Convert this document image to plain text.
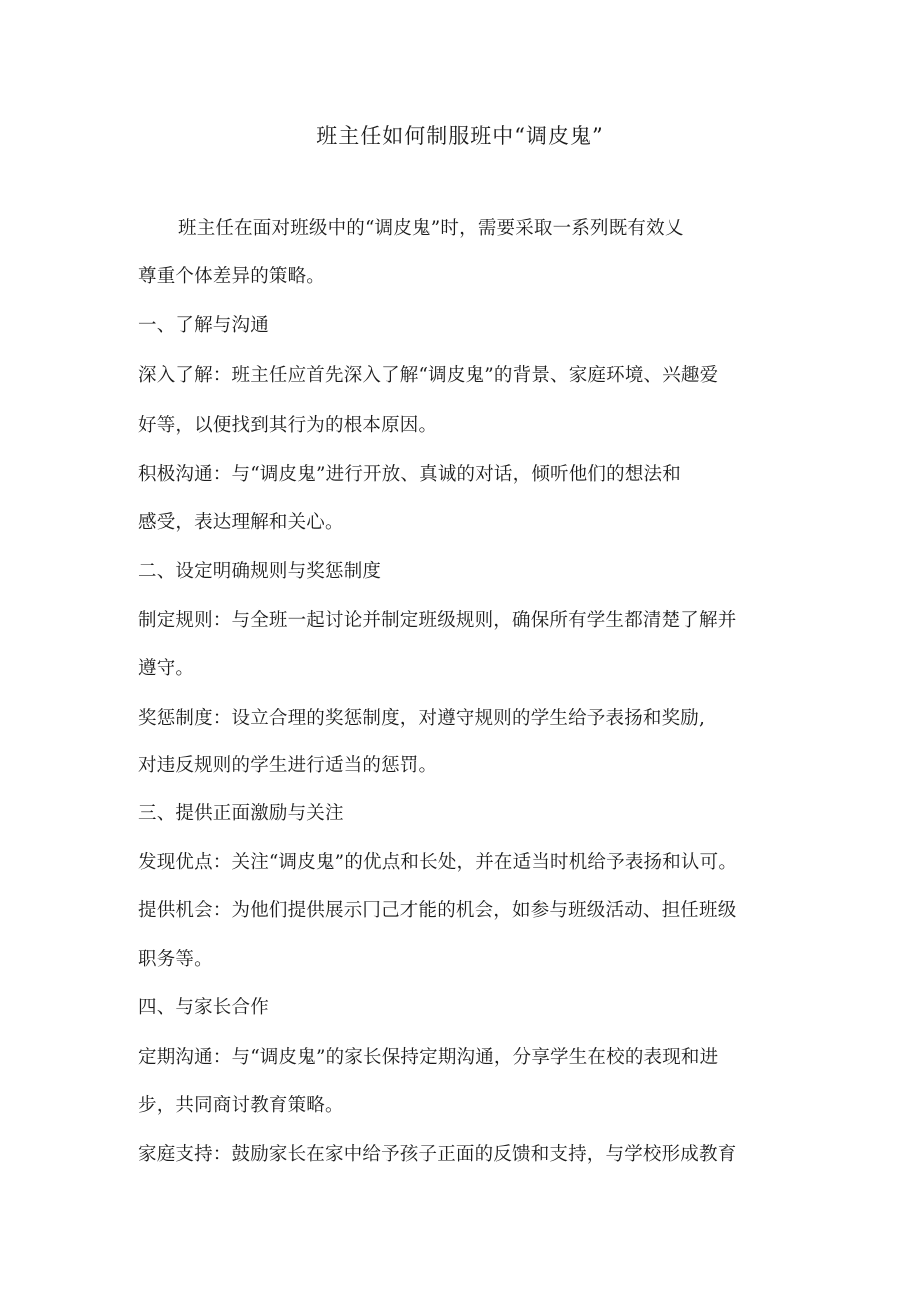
班主任如何制服班中“调皮鬼”
班主任在面对班级中的“调皮鬼”时，需要采取一系列既有效乂
尊重个体差异的策略。
一、了解与沟通
深入了解：班主任应首先深入了解“调皮鬼”的背景、家庭环境、兴趣爱
好等，以便找到其行为的根本原因。
积极沟通：与“调皮鬼”进行开放、真诚的对话，倾听他们的想法和
感受，表达理解和关心。
二、设定明确规则与奖惩制度
制定规则：与全班一起讨论并制定班级规则，确保所有学生都清楚了解并
遵守。
奖惩制度：设立合理的奖惩制度，对遵守规则的学生给予表扬和奖励,
对违反规则的学生进行适当的惩罚。
三、提供正面激励与关注
发现优点：关注“调皮鬼”的优点和长处，并在适当时机给予表扬和认可。
提供机会：为他们提供展示冂己才能的机会，如参与班级活动、担任班级
职务等。
四、与家长合作
定期沟通：与“调皮鬼”的家长保持定期沟通，分享学生在校的表现和进
步，共同商讨教育策略。
家庭支持：鼓励家长在家中给予孩子正面的反馈和支持，与学校形成教育
